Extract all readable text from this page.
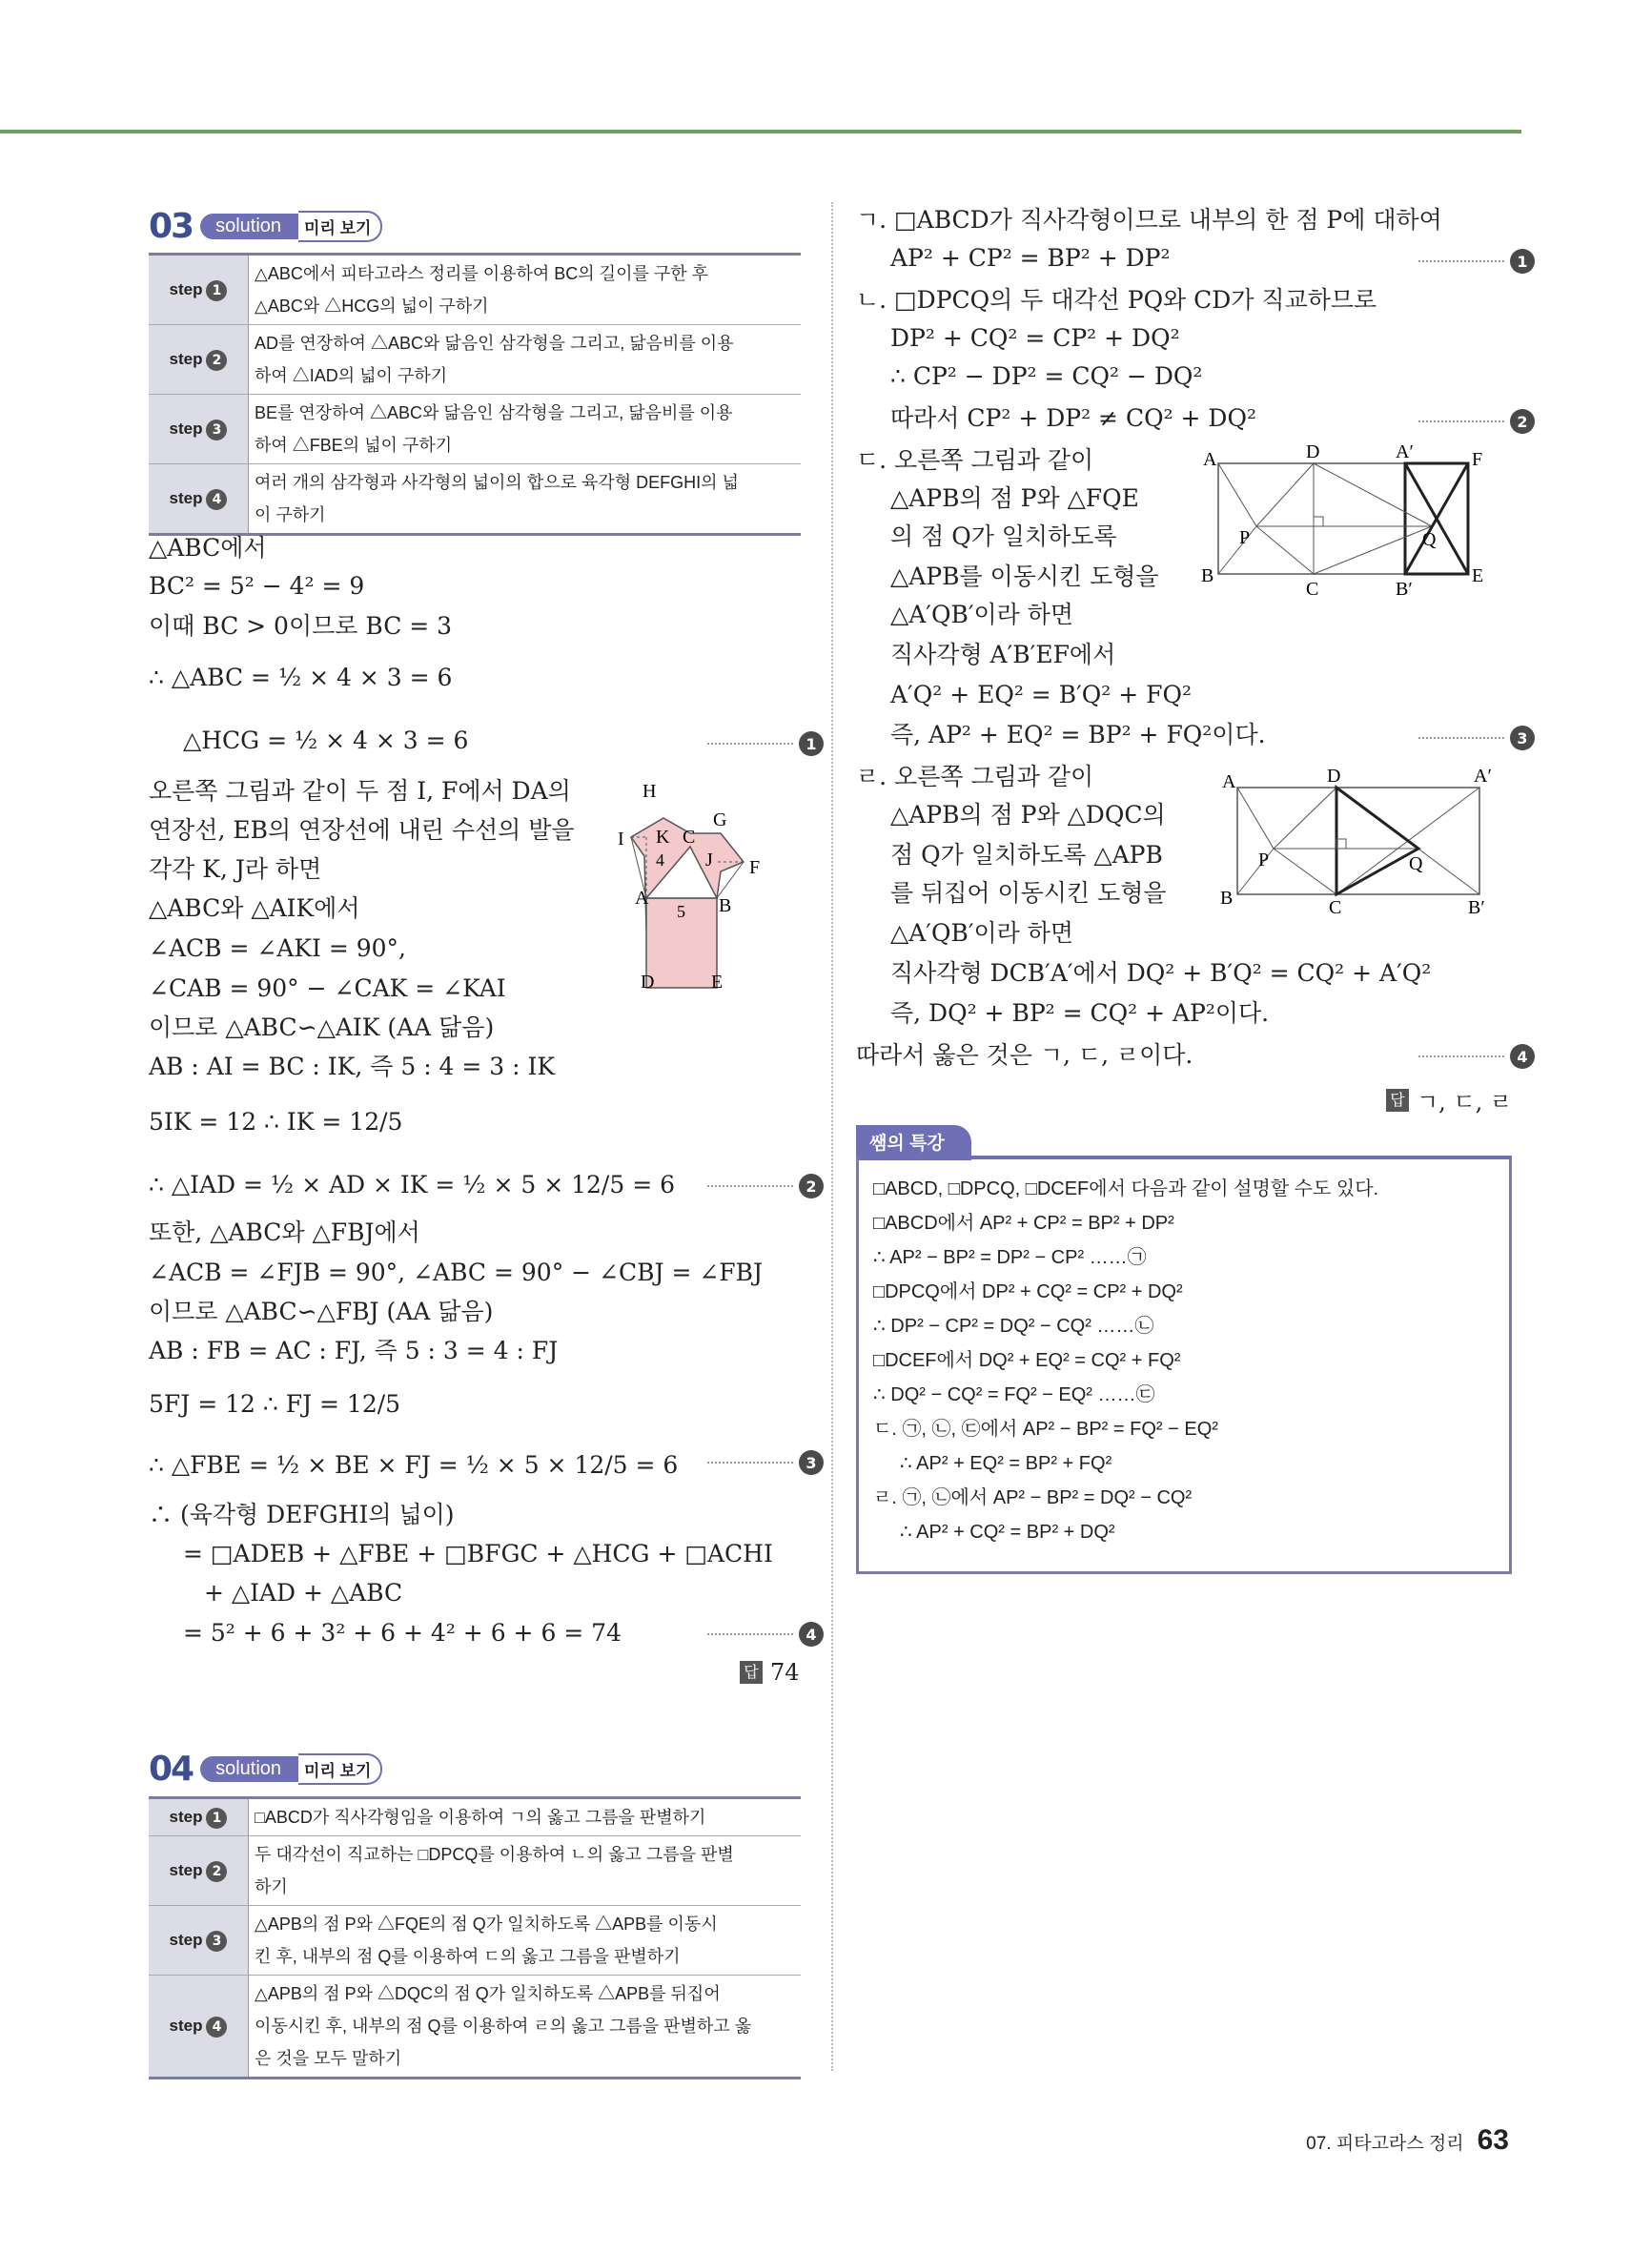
03	solution	미리 보기
step 1	△ABC에서 피타고라스 정리를 이용하여 BC의 길이를 구한 후
△ABC와 △HCG의 넓이 구하기

step 2	AD를 연장하여 △ABC와 닮음인 삼각형을 그리고, 닮음비를 이용
하여 △IAD의 넓이 구하기

step 3	BE를 연장하여 △ABC와 닮음인 삼각형을 그리고, 닮음비를 이용
하여 △FBE의 넓이 구하기

step 4	여러 개의 삼각형과 사각형의 넓이의 합으로 육각형 DEFGHI의 넓
이 구하기
△ABC에서
BC² = 5² − 4² = 9
이때 BC > 0이므로 BC = 3
∴ △ABC = ½ × 4 × 3 = 6
△HCG = ½ × 4 × 3 = 6	1
오른쪽 그림과 같이 두 점 I, F에서 DA의
연장선, EB의 연장선에 내린 수선의 발을
각각 K, J라 하면
△ABC와 △AIK에서
∠ACB = ∠AKI = 90°,
∠CAB = 90° − ∠CAK = ∠KAI
이므로 △ABC∽△AIK (AA 닮음)
AB : AI = BC : IK, 즉 5 : 4 = 3 : IK
5IK = 12 ∴ IK = 12/5
∴ △IAD = ½ × AD × IK = ½ × 5 × 12/5 = 6	2
또한, △ABC와 △FBJ에서
∠ACB = ∠FJB = 90°, ∠ABC = 90° − ∠CBJ = ∠FBJ
이므로 △ABC∽△FBJ (AA 닮음)
AB : FB = AC : FJ, 즉 5 : 3 = 4 : FJ
5FJ = 12 ∴ FJ = 12/5
∴ △FBE = ½ × BE × FJ = ½ × 5 × 12/5 = 6	3
∴ (육각형 DEFGHI의 넓이)
= □ADEB + △FBE + □BFGC + △HCG + □ACHI
+ △IAD + △ABC
= 5² + 6 + 3² + 6 + 4² + 6 + 6 = 74	4
답 74
H
G
I K C
J F
A	B
4
5
D	E
04	solution	미리 보기
step 1	□ABCD가 직사각형임을 이용하여 ㄱ의 옳고 그름을 판별하기

step 2	두 대각선이 직교하는 □DPCQ를 이용하여 ㄴ의 옳고 그름을 판별
하기

step 3	△APB의 점 P와 △FQE의 점 Q가 일치하도록 △APB를 이동시
킨 후, 내부의 점 Q를 이용하여 ㄷ의 옳고 그름을 판별하기

step 4	△APB의 점 P와 △DQC의 점 Q가 일치하도록 △APB를 뒤집어
이동시킨 후, 내부의 점 Q를 이용하여 ㄹ의 옳고 그름을 판별하고 옳
은 것을 모두 말하기
ㄱ. □ABCD가 직사각형이므로 내부의 한 점 P에 대하여
AP² + CP² = BP² + DP²	1
ㄴ. □DPCQ의 두 대각선 PQ와 CD가 직교하므로
DP² + CQ² = CP² + DQ²
∴ CP² − DP² = CQ² − DQ²
따라서 CP² + DP² ≠ CQ² + DQ²	2
ㄷ. 오른쪽 그림과 같이
△APB의 점 P와 △FQE
의 점 Q가 일치하도록
△APB를 이동시킨 도형을
△A′QB′이라 하면
직사각형 A′B′EF에서
A′Q² + EQ² = B′Q² + FQ²
즉, AP² + EQ² = BP² + FQ²이다.	3
ㄹ. 오른쪽 그림과 같이
△APB의 점 P와 △DQC의
점 Q가 일치하도록 △APB
를 뒤집어 이동시킨 도형을
△A′QB′이라 하면
직사각형 DCB′A′에서 DQ² + B′Q² = CQ² + A′Q²
즉, DQ² + BP² = CQ² + AP²이다.
따라서 옳은 것은 ㄱ, ㄷ, ㄹ이다.	4
답 ㄱ, ㄷ, ㄹ
A	D	A′	F
P	Q
B
C	B′
E
A	D	A′
P	Q
B	C	B′
쌤의 특강
□ABCD, □DPCQ, □DCEF에서 다음과 같이 설명할 수도 있다.
□ABCD에서 AP² + CP² = BP² + DP²
∴ AP² − BP² = DP² − CP² ……㉠
□DPCQ에서 DP² + CQ² = CP² + DQ²
∴ DP² − CP² = DQ² − CQ² ……㉡
□DCEF에서 DQ² + EQ² = CQ² + FQ²
∴ DQ² − CQ² = FQ² − EQ² ……㉢
ㄷ. ㉠, ㉡, ㉢에서 AP² − BP² = FQ² − EQ²
∴ AP² + EQ² = BP² + FQ²
ㄹ. ㉠, ㉡에서 AP² − BP² = DQ² − CQ²
∴ AP² + CQ² = BP² + DQ²
07. 피타고라스 정리 63
